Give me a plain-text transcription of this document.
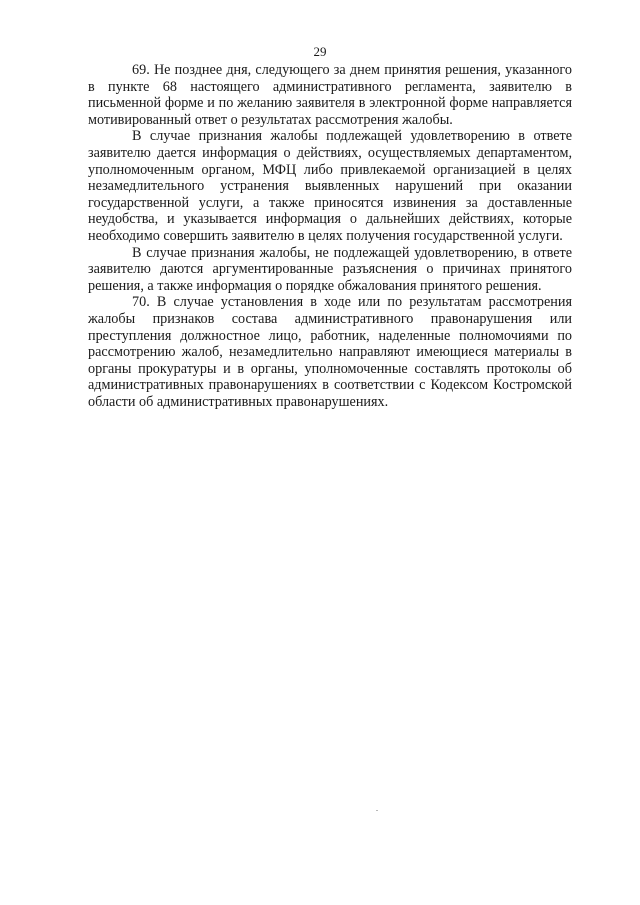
29

69. Не позднее дня, следующего за днем принятия решения, указанного в пункте 68 настоящего административного регламента, заявителю в письменной форме и по желанию заявителя в электронной форме направляется мотивированный ответ о результатах рассмотрения жалобы.

В случае признания жалобы подлежащей удовлетворению в ответе заявителю дается информация о действиях, осуществляемых департаментом, уполномоченным органом, МФЦ либо привлекаемой организацией в целях незамедлительного устранения выявленных нарушений при оказании государственной услуги, а также приносятся извинения за доставленные неудобства, и указывается информация о дальнейших действиях, которые необходимо совершить заявителю в целях получения государственной услуги.

В случае признания жалобы, не подлежащей удовлетворению, в ответе заявителю даются аргументированные разъяснения о причинах принятого решения, а также информация о порядке обжалования принятого решения.

70. В случае установления в ходе или по результатам рассмотрения жалобы признаков состава административного правонарушения или преступления должностное лицо, работник, наделенные полномочиями по рассмотрению жалоб, незамедлительно направляют имеющиеся материалы в органы прокуратуры и в органы, уполномоченные составлять протоколы об административных правонарушениях в соответствии с Кодексом Костромской области об административных правонарушениях.
